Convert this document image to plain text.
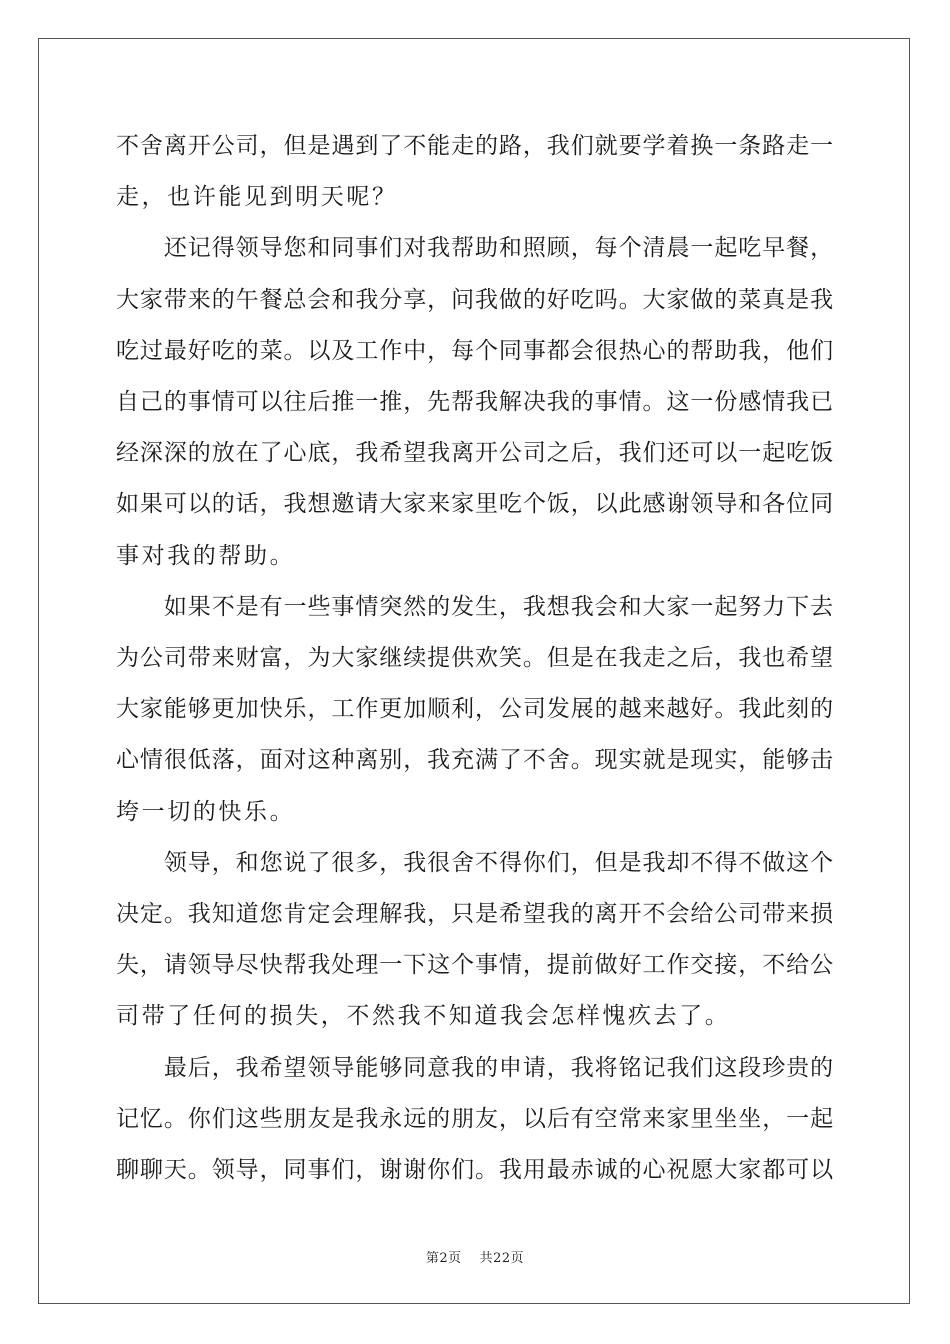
不舍离开公司，但是遇到了不能走的路，我们就要学着换一条路走一
走，也许能见到明天呢？

　　还记得领导您和同事们对我帮助和照顾，每个清晨一起吃早餐，
大家带来的午餐总会和我分享，问我做的好吃吗。大家做的菜真是我
吃过最好吃的菜。以及工作中，每个同事都会很热心的帮助我，他们
自己的事情可以往后推一推，先帮我解决我的事情。这一份感情我已
经深深的放在了心底，我希望我离开公司之后，我们还可以一起吃饭
如果可以的话，我想邀请大家来家里吃个饭，以此感谢领导和各位同
事对我的帮助。

　　如果不是有一些事情突然的发生，我想我会和大家一起努力下去
为公司带来财富，为大家继续提供欢笑。但是在我走之后，我也希望
大家能够更加快乐，工作更加顺利，公司发展的越来越好。我此刻的
心情很低落，面对这种离别，我充满了不舍。现实就是现实，能够击
垮一切的快乐。

　　领导，和您说了很多，我很舍不得你们，但是我却不得不做这个
决定。我知道您肯定会理解我，只是希望我的离开不会给公司带来损
失，请领导尽快帮我处理一下这个事情，提前做好工作交接，不给公
司带了任何的损失，不然我不知道我会怎样愧疚去了。

　　最后，我希望领导能够同意我的申请，我将铭记我们这段珍贵的
记忆。你们这些朋友是我永远的朋友，以后有空常来家里坐坐，一起
聊聊天。领导，同事们，谢谢你们。我用最赤诚的心祝愿大家都可以

第2页 共22页
